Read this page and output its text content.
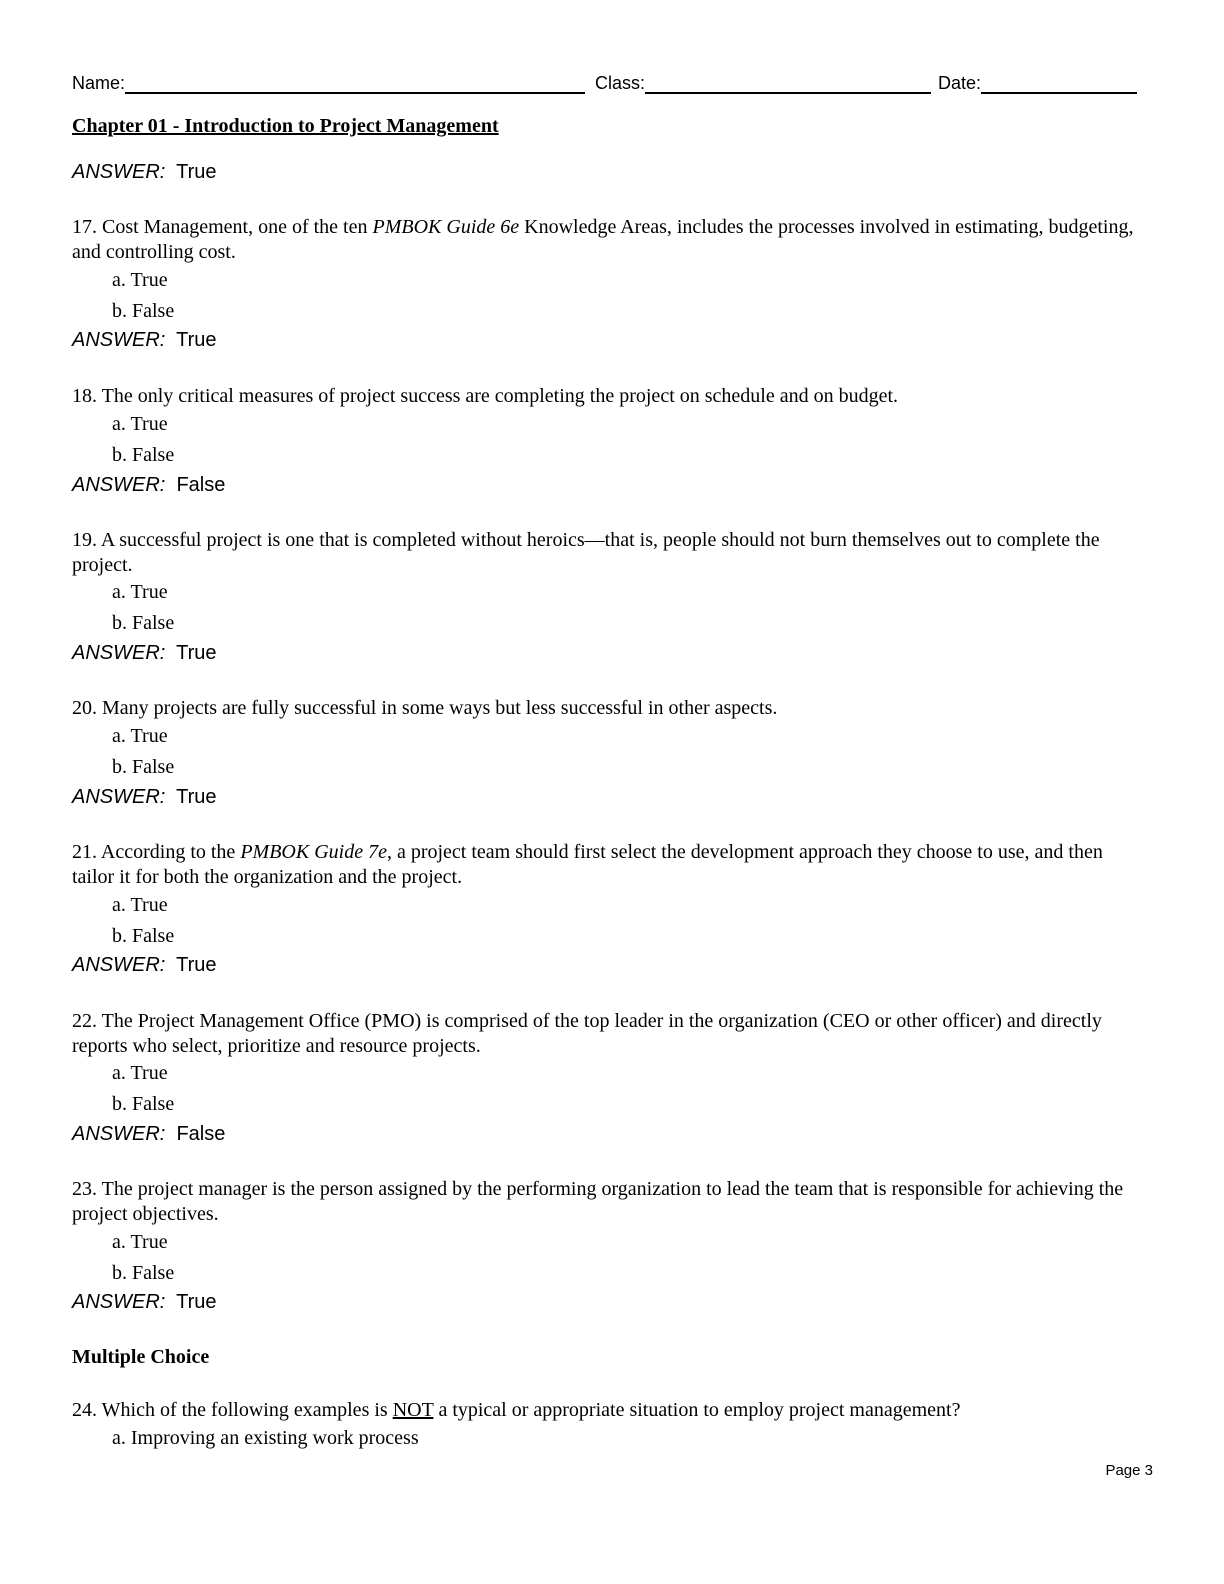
Name:	Class:	Date:
Chapter 01 - Introduction to Project Management
ANSWER: True

17. Cost Management, one of the ten PMBOK Guide 6e Knowledge Areas, includes the processes involved in estimating, budgeting, and controlling cost.

a. True
b. False
ANSWER: True

18. The only critical measures of project success are completing the project on schedule and on budget.

a. True
b. False
ANSWER: False

19. A successful project is one that is completed without heroics—that is, people should not burn themselves out to complete the project.

a. True
b. False
ANSWER: True

20. Many projects are fully successful in some ways but less successful in other aspects.

a. True
b. False
ANSWER: True

21. According to the PMBOK Guide 7e, a project team should first select the development approach they choose to use, and then tailor it for both the organization and the project.

a. True
b. False
ANSWER: True

22. The Project Management Office (PMO) is comprised of the top leader in the organization (CEO or other officer) and directly reports who select, prioritize and resource projects.

a. True
b. False
ANSWER: False

23. The project manager is the person assigned by the performing organization to lead the team that is responsible for achieving the project objectives.

a. True
b. False
ANSWER: True
Multiple Choice

24. Which of the following examples is NOT a typical or appropriate situation to employ project management?

a. Improving an existing work process
Page 3
